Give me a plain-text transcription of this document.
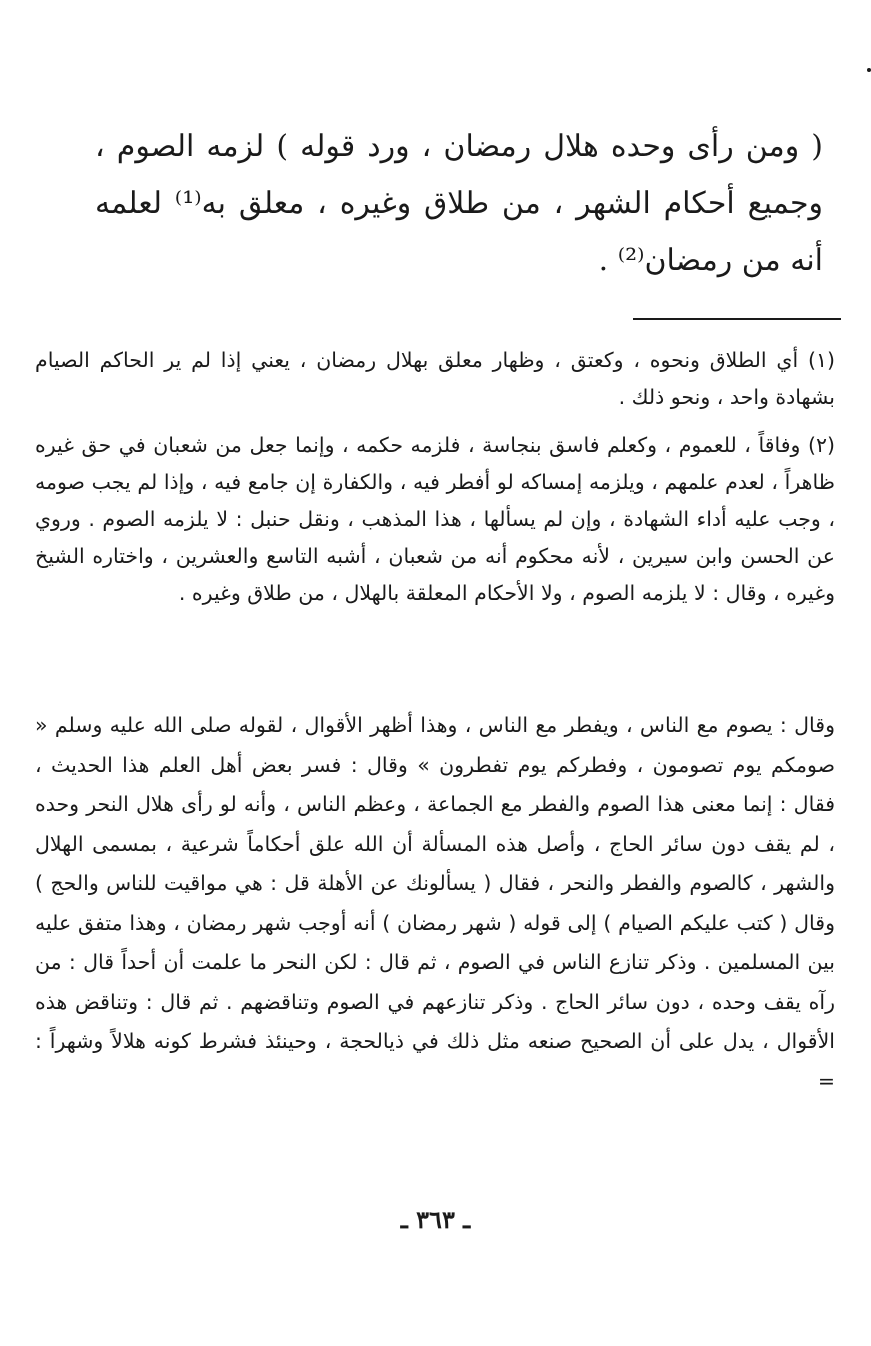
( ومن رأى وحده هلال رمضان ، ورد قوله ) لزمه الصوم ، وجميع أحكام الشهر ، من طلاق وغيره ، معلق به⁽¹⁾ لعلمه أنه من رمضان⁽²⁾ .

(١) أي الطلاق ونحوه ، وكعتق ، وظهار معلق بهلال رمضان ، يعني إذا لم ير الحاكم الصيام بشهادة واحد ، ونحو ذلك .

(٢) وفاقاً ، للعموم ، وكعلم فاسق بنجاسة ، فلزمه حكمه ، وإنما جعل من شعبان في حق غيره ظاهراً ، لعدم علمهم ، ويلزمه إمساكه لو أفطر فيه ، والكفارة إن جامع فيه ، وإذا لم يجب صومه ، وجب عليه أداء الشهادة ، وإن لم يسألها ، هذا المذهب ، ونقل حنبل : لا يلزمه الصوم . وروي عن الحسن وابن سيرين ، لأنه محكوم أنه من شعبان ، أشبه التاسع والعشرين ، واختاره الشيخ وغيره ، وقال : لا يلزمه الصوم ، ولا الأحكام المعلقة بالهلال ، من طلاق وغيره .

وقال : يصوم مع الناس ، ويفطر مع الناس ، وهذا أظهر الأقوال ، لقوله صلى الله عليه وسلم « صومكم يوم تصومون ، وفطركم يوم تفطرون » وقال : فسر بعض أهل العلم هذا الحديث ، فقال : إنما معنى هذا الصوم والفطر مع الجماعة ، وعظم الناس ، وأنه لو رأى هلال النحر وحده ، لم يقف دون سائر الحاج ، وأصل هذه المسألة أن الله علق أحكاماً شرعية ، بمسمى الهلال والشهر ، كالصوم والفطر والنحر ، فقال ( يسألونك عن الأهلة قل : هي مواقيت للناس والحج ) وقال ( كتب عليكم الصيام ) إلى قوله ( شهر رمضان ) أنه أوجب شهر رمضان ، وهذا متفق عليه بين المسلمين . وذكر تنازع الناس في الصوم ، ثم قال : لكن النحر ما علمت أن أحداً قال : من رآه يقف وحده ، دون سائر الحاج . وذكر تنازعهم في الصوم وتناقضهم . ثم قال : وتناقض هذه الأقوال ، يدل على أن الصحيح صنعه مثل ذلك في ذيالحجة ، وحينئذ فشرط كونه هلالاً وشهراً : =

ـ ٣٦٣ ـ
